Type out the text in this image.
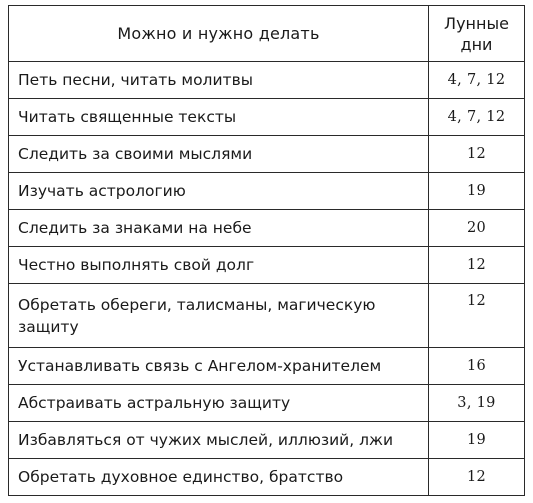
Можно и нужно делать	Лунные
дни

Петь песни, читать молитвы	4, 7, 12
Читать священные тексты	4, 7, 12
Следить за своими мыслями	12
Изучать астрологию	19
Следить за знаками на небе	20
Честно выполнять свой долг	12
Обретать обереги, талисманы, магическую защиту	12
Устанавливать связь с Ангелом-хранителем	16
Абстраивать астральную защиту	3, 19
Избавляться от чужих мыслей, иллюзий, лжи	19
Обретать духовное единство, братство	12
